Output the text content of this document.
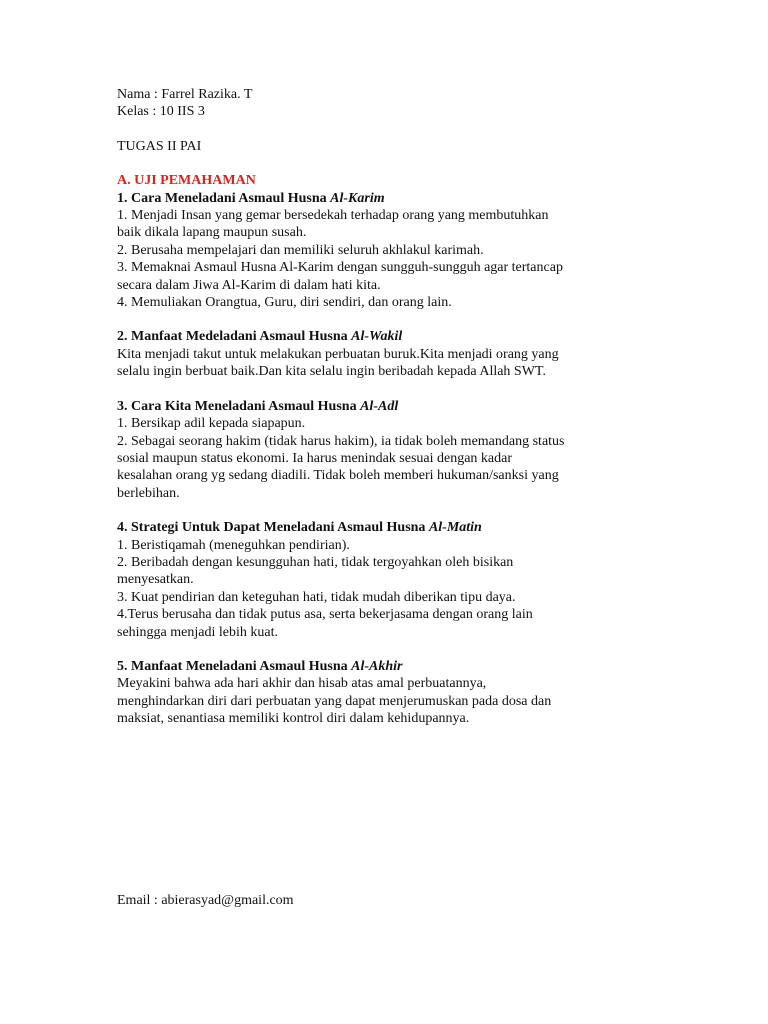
Nama : Farrel Razika. T
Kelas : 10 IIS 3
TUGAS II PAI
A. UJI PEMAHAMAN
1. Cara Meneladani Asmaul Husna Al-Karim
1. Menjadi Insan yang gemar bersedekah terhadap orang yang membutuhkan
baik dikala lapang maupun susah.
2. Berusaha mempelajari dan memiliki seluruh akhlakul karimah.
3. Memaknai Asmaul Husna Al-Karim dengan sungguh-sungguh agar tertancap
secara dalam Jiwa Al-Karim di dalam hati kita.
4. Memuliakan Orangtua, Guru, diri sendiri, dan orang lain.
2. Manfaat Medeladani Asmaul Husna Al-Wakil
Kita menjadi takut untuk melakukan perbuatan buruk.Kita menjadi orang yang
selalu ingin berbuat baik.Dan kita selalu ingin beribadah kepada Allah SWT.
3. Cara Kita Meneladani Asmaul Husna Al-Adl
1. Bersikap adil kepada siapapun.
2. Sebagai seorang hakim (tidak harus hakim), ia tidak boleh memandang status
sosial maupun status ekonomi. Ia harus menindak sesuai dengan kadar
kesalahan orang yg sedang diadili. Tidak boleh memberi hukuman/sanksi yang
berlebihan.
4. Strategi Untuk Dapat Meneladani Asmaul Husna Al-Matin
1. Beristiqamah (meneguhkan pendirian).
2. Beribadah dengan kesungguhan hati, tidak tergoyahkan oleh bisikan
menyesatkan.
3. Kuat pendirian dan keteguhan hati, tidak mudah diberikan tipu daya.
4.Terus berusaha dan tidak putus asa, serta bekerjasama dengan orang lain
sehingga menjadi lebih kuat.
5. Manfaat Meneladani Asmaul Husna Al-Akhir
Meyakini bahwa ada hari akhir dan hisab atas amal perbuatannya,
menghindarkan diri dari perbuatan yang dapat menjerumuskan pada dosa dan
maksiat, senantiasa memiliki kontrol diri dalam kehidupannya.
Email : abierasyad@gmail.com
